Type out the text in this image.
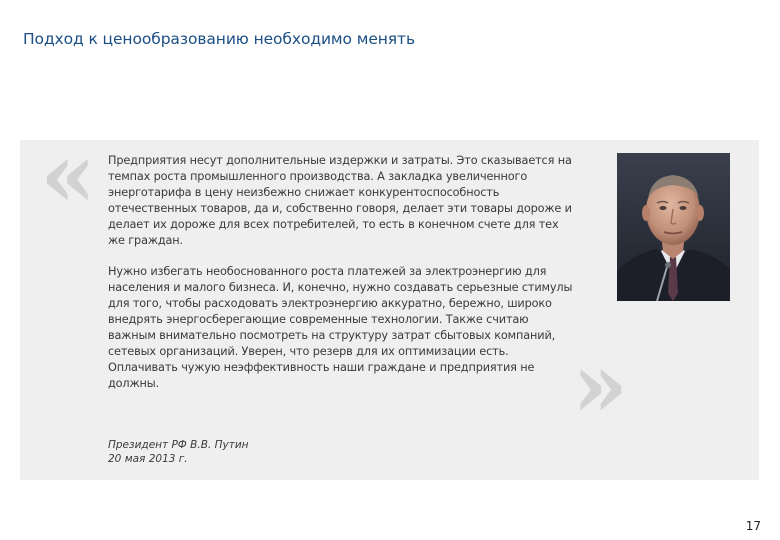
Подход к ценообразованию необходимо менять
«
»

Предприятия несут дополнительные издержки и затраты. Это сказывается на темпах роста промышленного производства. А закладка увеличенного энерготарифа в цену неизбежно снижает конкурентоспособность отечественных товаров, да и, собственно говоря, делает эти товары дороже и делает их дороже для всех потребителей, то есть в конечном счете для тех же граждан.

Нужно избегать необоснованного роста платежей за электроэнергию для населения и малого бизнеса. И, конечно, нужно создавать серьезные стимулы для того, чтобы расходовать электроэнергию аккуратно, бережно, широко внедрять энергосберегающие современные технологии. Также считаю важным внимательно посмотреть на структуру затрат сбытовых компаний, сетевых организаций. Уверен, что резерв для их оптимизации есть. Оплачивать чужую неэффективность наши граждане и предприятия не должны.

Президент РФ В.В. Путин
20 мая 2013 г.
17
